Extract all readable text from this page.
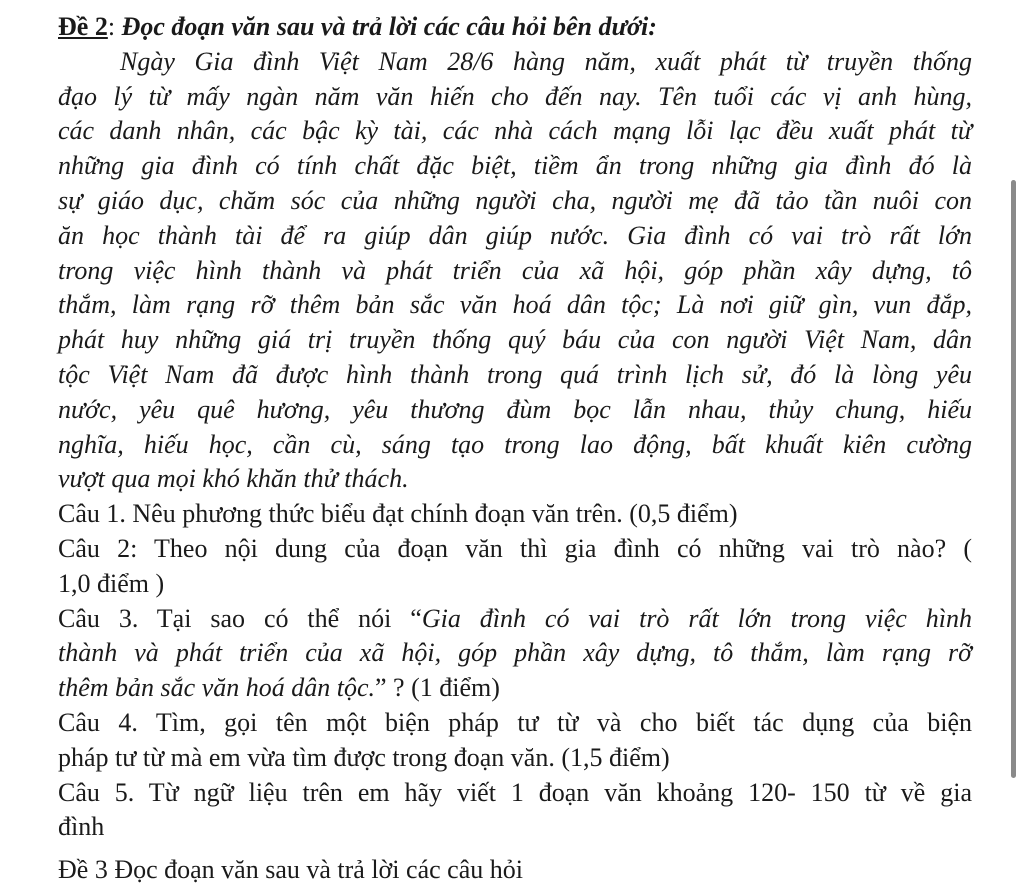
Đề 2: Đọc đoạn văn sau và trả lời các câu hỏi bên dưới:
Ngày Gia đình Việt Nam 28/6 hàng năm, xuất phát từ truyền thống
đạo lý từ mấy ngàn năm văn hiến cho đến nay. Tên tuổi các vị anh hùng,
các danh nhân, các bậc kỳ tài, các nhà cách mạng lỗi lạc đều xuất phát từ
những gia đình có tính chất đặc biệt, tiềm ẩn trong những gia đình đó là
sự giáo dục, chăm sóc của những người cha, người mẹ đã tảo tần nuôi con
ăn học thành tài để ra giúp dân giúp nước. Gia đình có vai trò rất lớn
trong việc hình thành và phát triển của xã hội, góp phần xây dựng, tô
thắm, làm rạng rỡ thêm bản sắc văn hoá dân tộc; Là nơi giữ gìn, vun đắp,
phát huy những giá trị truyền thống quý báu của con người Việt Nam, dân
tộc Việt Nam đã được hình thành trong quá trình lịch sử, đó là lòng yêu
nước, yêu quê hương, yêu thương đùm bọc lẫn nhau, thủy chung, hiếu
nghĩa, hiếu học, cần cù, sáng tạo trong lao động, bất khuất kiên cường
vượt qua mọi khó khăn thử thách.
Câu 1. Nêu phương thức biểu đạt chính đoạn văn trên. (0,5 điểm)
Câu 2: Theo nội dung của đoạn văn thì gia đình có những vai trò nào? (
1,0 điểm )
Câu 3. Tại sao có thể nói “Gia đình có vai trò rất lớn trong việc hình
thành và phát triển của xã hội, góp phần xây dựng, tô thắm, làm rạng rỡ
thêm bản sắc văn hoá dân tộc.” ? (1 điểm)
Câu 4. Tìm, gọi tên một biện pháp tư từ và cho biết tác dụng của biện
pháp tư từ mà em vừa tìm được trong đoạn văn. (1,5 điểm)
Câu 5. Từ ngữ liệu trên em hãy viết 1 đoạn văn khoảng 120- 150 từ về gia
đình
Đề 3 Đọc đoạn văn sau và trả lời các câu hỏi
